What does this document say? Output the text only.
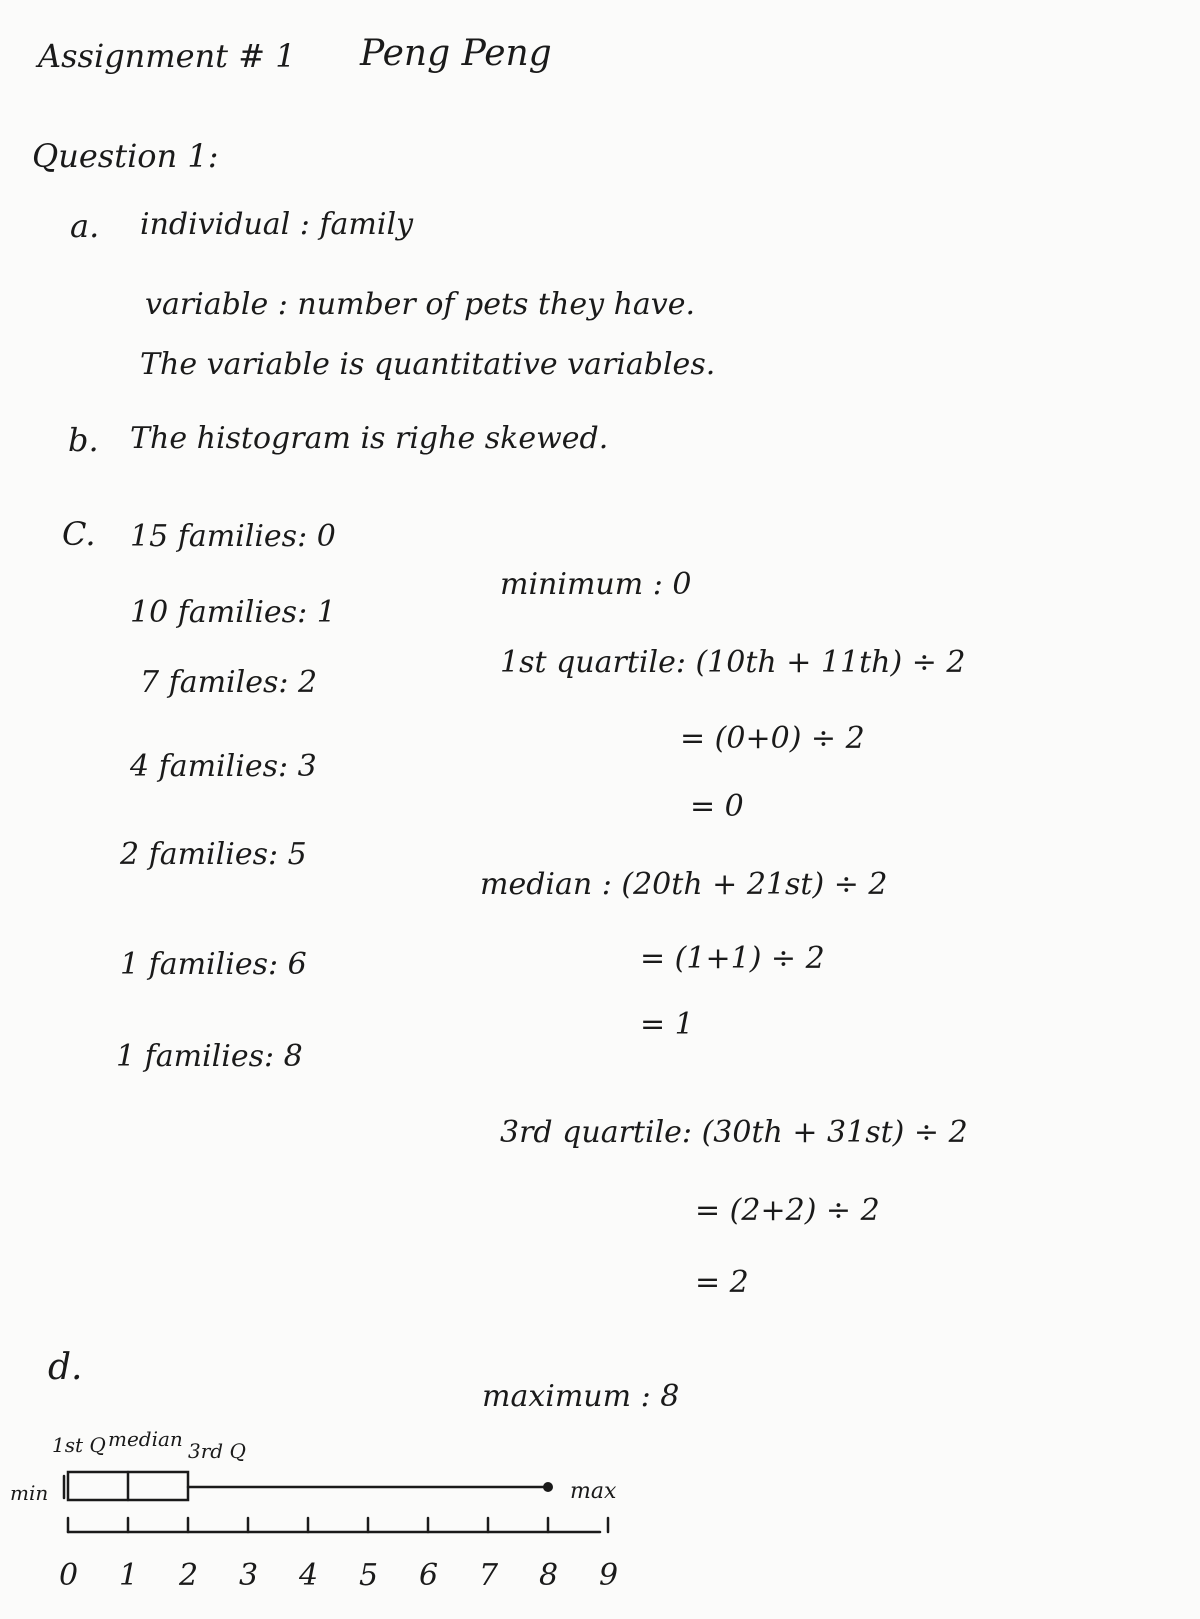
Assignment # 1 Peng Peng
Question 1:
a. individual : family
variable : number of pets they have.
The variable is quantitative variables.
b. The histogram is righe skewed.
C. 15 families: 0
10 families: 1
7 familes: 2
4 families: 3
2 families: 5
1 families: 6
1 families: 8
minimum : 0
1st quartile: (10th + 11th) ÷ 2
= (0+0) ÷ 2
= 0
median : (20th + 21st) ÷ 2
= (1+1) ÷ 2
= 1
3rd quartile: (30th + 31st) ÷ 2
= (2+2) ÷ 2
= 2
maximum : 8
d.
0 1 2 3 4 5 6 7 8 9
min	max
1st Q median 3rd Q
